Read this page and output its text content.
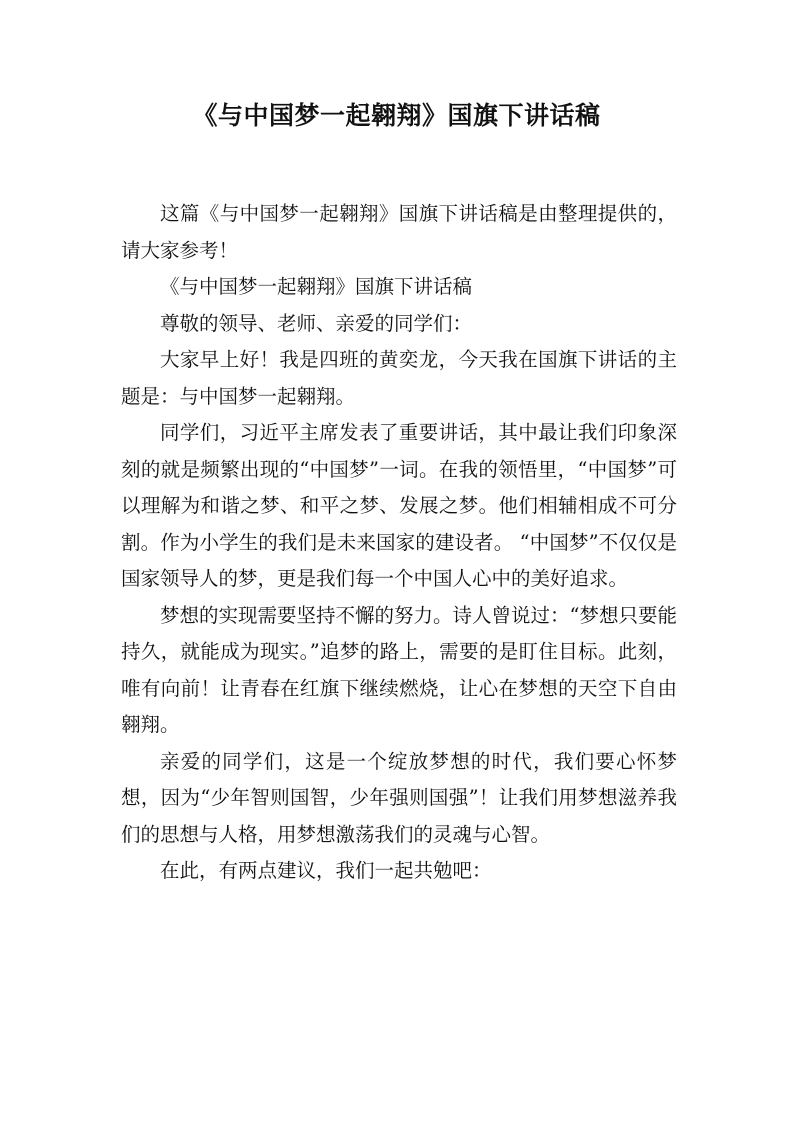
《与中国梦一起翱翔》国旗下讲话稿

这篇《与中国梦一起翱翔》国旗下讲话稿是由整理提供的，请大家参考！

《与中国梦一起翱翔》国旗下讲话稿

尊敬的领导、老师、亲爱的同学们：

大家早上好！我是四班的黄奕龙，今天我在国旗下讲话的主题是：与中国梦一起翱翔。

同学们，习近平主席发表了重要讲话，其中最让我们印象深刻的就是频繁出现的“中国梦”一词。在我的领悟里，“中国梦”可以理解为和谐之梦、和平之梦、发展之梦。他们相辅相成不可分割。作为小学生的我们是未来国家的建设者。 “中国梦”不仅仅是国家领导人的梦，更是我们每一个中国人心中的美好追求。

梦想的实现需要坚持不懈的努力。诗人曾说过：“梦想只要能持久，就能成为现实。”追梦的路上，需要的是盯住目标。此刻，唯有向前！让青春在红旗下继续燃烧，让心在梦想的天空下自由翱翔。

亲爱的同学们，这是一个绽放梦想的时代，我们要心怀梦想，因为“少年智则国智，少年强则国强”！让我们用梦想滋养我们的思想与人格，用梦想激荡我们的灵魂与心智。

在此，有两点建议，我们一起共勉吧：
